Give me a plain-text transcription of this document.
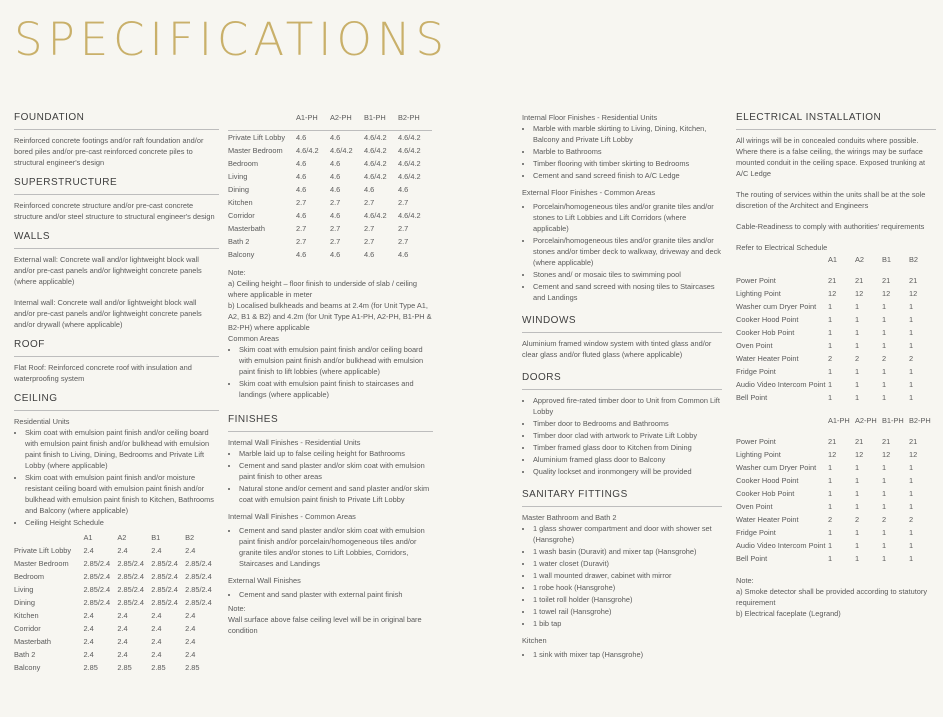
SPECIFICATIONS
FOUNDATION

Reinforced concrete footings and/or raft foundation and/or bored piles and/or pre-cast reinforced concrete piles to structural engineer's design

SUPERSTRUCTURE

Reinforced concrete structure and/or pre-cast concrete structure and/or steel structure to structural engineer's design

WALLS

External wall: Concrete wall and/or lightweight block wall and/or pre-cast panels and/or lightweight concrete panels (where applicable)

Internal wall: Concrete wall and/or lightweight block wall and/or pre-cast panels and/or lightweight concrete panels and/or drywall (where applicable)

ROOF

Flat Roof: Reinforced concrete roof with insulation and waterproofing system

CEILING
Residential Units
• Skim coat with emulsion paint finish and/or ceiling board with emulsion paint finish and/or bulkhead with emulsion paint finish to Living, Dining, Bedrooms and Private Lift Lobby (where applicable)
• Skim coat with emulsion paint finish and/or moisture resistant ceiling board with emulsion paint finish and/or bulkhead with emulsion paint finish to Kitchen, Bathrooms and Balcony (where applicable)
• Ceiling Height Schedule
	A1	A2	B1	B2
Private Lift Lobby	2.4	2.4	2.4	2.4
Master Bedroom	2.85/2.4	2.85/2.4	2.85/2.4	2.85/2.4
Bedroom	2.85/2.4	2.85/2.4	2.85/2.4	2.85/2.4
Living	2.85/2.4	2.85/2.4	2.85/2.4	2.85/2.4
Dining	2.85/2.4	2.85/2.4	2.85/2.4	2.85/2.4
Kitchen	2.4	2.4	2.4	2.4
Corridor	2.4	2.4	2.4	2.4
Masterbath	2.4	2.4	2.4	2.4
Bath 2	2.4	2.4	2.4	2.4
Balcony	2.85	2.85	2.85	2.85
	A1-PH	A2-PH	B1-PH	B2-PH
Private Lift Lobby	4.6	4.6	4.6/4.2	4.6/4.2
Master Bedroom	4.6/4.2	4.6/4.2	4.6/4.2	4.6/4.2
Bedroom	4.6	4.6	4.6/4.2	4.6/4.2
Living	4.6	4.6	4.6/4.2	4.6/4.2
Dining	4.6	4.6	4.6	4.6
Kitchen	2.7	2.7	2.7	2.7
Corridor	4.6	4.6	4.6/4.2	4.6/4.2
Masterbath	2.7	2.7	2.7	2.7
Bath 2	2.7	2.7	2.7	2.7
Balcony	4.6	4.6	4.6	4.6
Note:
a) Ceiling height – floor finish to underside of slab / ceiling where applicable in meter
b) Localised bulkheads and beams at 2.4m (for Unit Type A1, A2, B1 & B2) and 4.2m (for Unit Type A1-PH, A2-PH, B1-PH & B2-PH) where applicable
Common Areas
• Skim coat with emulsion paint finish and/or ceiling board with emulsion paint finish and/or bulkhead with emulsion paint finish to lift lobbies (where applicable)
• Skim coat with emulsion paint finish to staircases and landings (where applicable)
FINISHES
Internal Wall Finishes - Residential Units
• Marble laid up to false ceiling height for Bathrooms
• Cement and sand plaster and/or skim coat with emulsion paint finish to other areas
• Natural stone and/or cement and sand plaster and/or skim coat with emulsion paint finish to Private Lift Lobby
Internal Wall Finishes - Common Areas
• Cement and sand plaster and/or skim coat with emulsion paint finish and/or porcelain/homogeneous tiles and/or granite tiles and/or stones to Lift Lobbies, Corridors, Staircases and Landings
External Wall Finishes
• Cement and sand plaster with external paint finish
Note:
Wall surface above false ceiling level will be in original bare condition
Internal Floor Finishes - Residential Units
• Marble with marble skirting to Living, Dining, Kitchen, Balcony and Private Lift Lobby
• Marble to Bathrooms
• Timber flooring with timber skirting to Bedrooms
• Cement and sand screed finish to A/C Ledge
External Floor Finishes - Common Areas
• Porcelain/homogeneous tiles and/or granite tiles and/or stones to Lift Lobbies and Lift Corridors (where applicable)
• Porcelain/homogeneous tiles and/or granite tiles and/or stones and/or timber deck to walkway, driveway and deck (where applicable)
• Stones and/ or mosaic tiles to swimming pool
• Cement and sand screed with nosing tiles to Staircases and Landings
WINDOWS

Aluminium framed window system with tinted glass and/or clear glass and/or fluted glass (where applicable)

DOORS
• Approved fire-rated timber door to Unit from Common Lift Lobby
• Timber door to Bedrooms and Bathrooms
• Timber door clad with artwork to Private Lift Lobby
• Timber framed glass door to Kitchen from Dining
• Aluminium framed glass door to Balcony
• Quality lockset and ironmongery will be provided
SANITARY FITTINGS
Master Bathroom and Bath 2
• 1 glass shower compartment and door with shower set (Hansgrohe)
• 1 wash basin (Duravit) and mixer tap (Hansgrohe)
• 1 water closet (Duravit)
• 1 wall mounted drawer, cabinet with mirror
• 1 robe hook (Hansgrohe)
• 1 toilet roll holder (Hansgrohe)
• 1 towel rail (Hansgrohe)
• 1 bib tap
Kitchen
• 1 sink with mixer tap (Hansgrohe)
ELECTRICAL INSTALLATION

All wirings will be in concealed conduits where possible. Where there is a false ceiling, the wirings may be surface mounted conduit in the ceiling space. Exposed trunking at A/C Ledge

The routing of services within the units shall be at the sole discretion of the Architect and Engineers

Cable-Readiness to comply with authorities' requirements

Refer to Electrical Schedule
	A1	A2	B1	B2

Power Point	21	21	21	21
Lighting Point	12	12	12	12
Washer cum Dryer Point	1	1	1	1
Cooker Hood Point	1	1	1	1
Cooker Hob Point	1	1	1	1
Oven Point	1	1	1	1
Water Heater Point	2	2	2	2
Fridge Point	1	1	1	1
Audio Video Intercom Point	1	1	1	1
Bell Point	1	1	1	1
	A1-PH	A2-PH	B1-PH	B2-PH

Power Point	21	21	21	21
Lighting Point	12	12	12	12
Washer cum Dryer Point	1	1	1	1
Cooker Hood Point	1	1	1	1
Cooker Hob Point	1	1	1	1
Oven Point	1	1	1	1
Water Heater Point	2	2	2	2
Fridge Point	1	1	1	1
Audio Video Intercom Point	1	1	1	1
Bell Point	1	1	1	1
Note:
a) Smoke detector shall be provided according to statutory requirement
b) Electrical faceplate (Legrand)
